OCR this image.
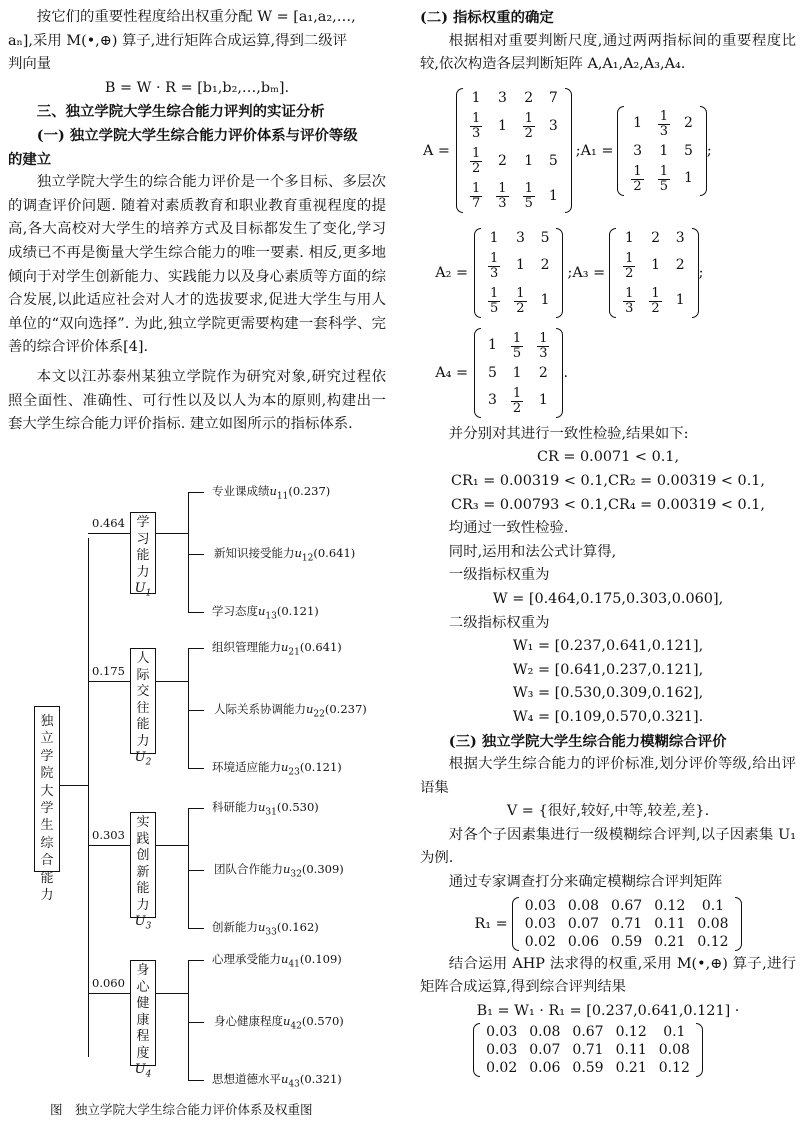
按它们的重要性程度给出权重分配 W = [a₁,a₂,…,

aₙ],采用 M(•,⊕) 算子,进行矩阵合成运算,得到二级评

判向量

B = W · R = [b₁,b₂,…,bₘ].

三、独立学院大学生综合能力评判的实证分析

(一) 独立学院大学生综合能力评价体系与评价等级

的建立

独立学院大学生的综合能力评价是一个多目标、多层次的调查评价问题. 随着对素质教育和职业教育重视程度的提高,各大高校对大学生的培养方式及目标都发生了变化,学习成绩已不再是衡量大学生综合能力的唯一要素. 相反,更多地倾向于对学生创新能力、实践能力以及身心素质等方面的综合发展,以此适应社会对人才的选拔要求,促进大学生与用人单位的“双向选择”. 为此,独立学院更需要构建一套科学、完善的综合评价体系[4].

本文以江苏泰州某独立学院作为研究对象,研究过程依照全面性、准确性、可行性以及以人为本的原则,构建出一套大学生综合能力评价指标. 建立如图所示的指标体系.

独立学院大学生综合能力
0.464 学
习
能
力
$U_1$
专业课成绩$u_{11}(0.237)$
新知识接受能力$u_{12}(0.641)$
学习态度$u_{13}(0.121)$
0.175
人
际
交
往
能
力
$U_2$
组织管理能力$u_{21}(0.641)$
人际关系协调能力$u_{22}(0.237)$
环境适应能力$u_{23}(0.121)$
0.303
实
践
创
新
能
力
$U_3$
科研能力$u_{31}(0.530)$
团队合作能力$u_{32}(0.309)$
创新能力$u_{33}(0.162)$
0.060
身
心
健
康
程
度
$U_4$
心理承受能力$u_{41}(0.109)$
身心健康程度$u_{42}(0.570)$
思想道德水平$u_{43}(0.321)$
图　独立学院大学生综合能力评价体系及权重图

(二) 指标权重的确定

根据相对重要判断尺度,通过两两指标间的重要程度比较,依次构造各层判断矩阵 A,A₁,A₂,A₃,A₄.

A =
1	3	2	7

$\frac{1}{3}$	1	$\frac{1}{2}$	3

$\frac{1}{2}$	2	1	5

$\frac{1}{7}$	$\frac{1}{3}$	$\frac{1}{5}$	1
;A₁ =
1	$\frac{1}{3}$	2
3	1	5

$\frac{1}{2}$	$\frac{1}{5}$	1
;
A₂ =
1	3	5

$\frac{1}{3}$	1	2

$\frac{1}{5}$	$\frac{1}{2}$	1
;A₃ =
1	2	3

$\frac{1}{2}$	1	2

$\frac{1}{3}$	$\frac{1}{2}$	1
;
A₄ =
1	$\frac{1}{5}$	$\frac{1}{3}$

5	1	2
3	$\frac{1}{2}$	1
.

并分别对其进行一致性检验,结果如下:

CR = 0.0071 < 0.1,

CR₁ = 0.00319 < 0.1,CR₂ = 0.00319 < 0.1,

CR₃ = 0.00793 < 0.1,CR₄ = 0.00319 < 0.1,

均通过一致性检验.

同时,运用和法公式计算得,

一级指标权重为

W = [0.464,0.175,0.303,0.060],

二级指标权重为

W₁ = [0.237,0.641,0.121],

W₂ = [0.641,0.237,0.121],

W₃ = [0.530,0.309,0.162],

W₄ = [0.109,0.570,0.321].

(三) 独立学院大学生综合能力模糊综合评价

根据大学生综合能力的评价标准,划分评价等级,给出评语集

V = {很好,较好,中等,较差,差}.

对各个子因素集进行一级模糊综合评判,以子因素集 U₁ 为例.

通过专家调查打分来确定模糊综合评判矩阵

R₁ =
0.03	0.08	0.67	0.12	0.1
0.03	0.07	0.71	0.11	0.08
0.02	0.06	0.59	0.21	0.12

结合运用 AHP 法求得的权重,采用 M(•,⊕) 算子,进行矩阵合成运算,得到综合评判结果

B₁ = W₁ · R₁ = [0.237,0.641,0.121] ·

0.03	0.08	0.67	0.12	0.1
0.03	0.07	0.71	0.11	0.08
0.02	0.06	0.59	0.21	0.12
